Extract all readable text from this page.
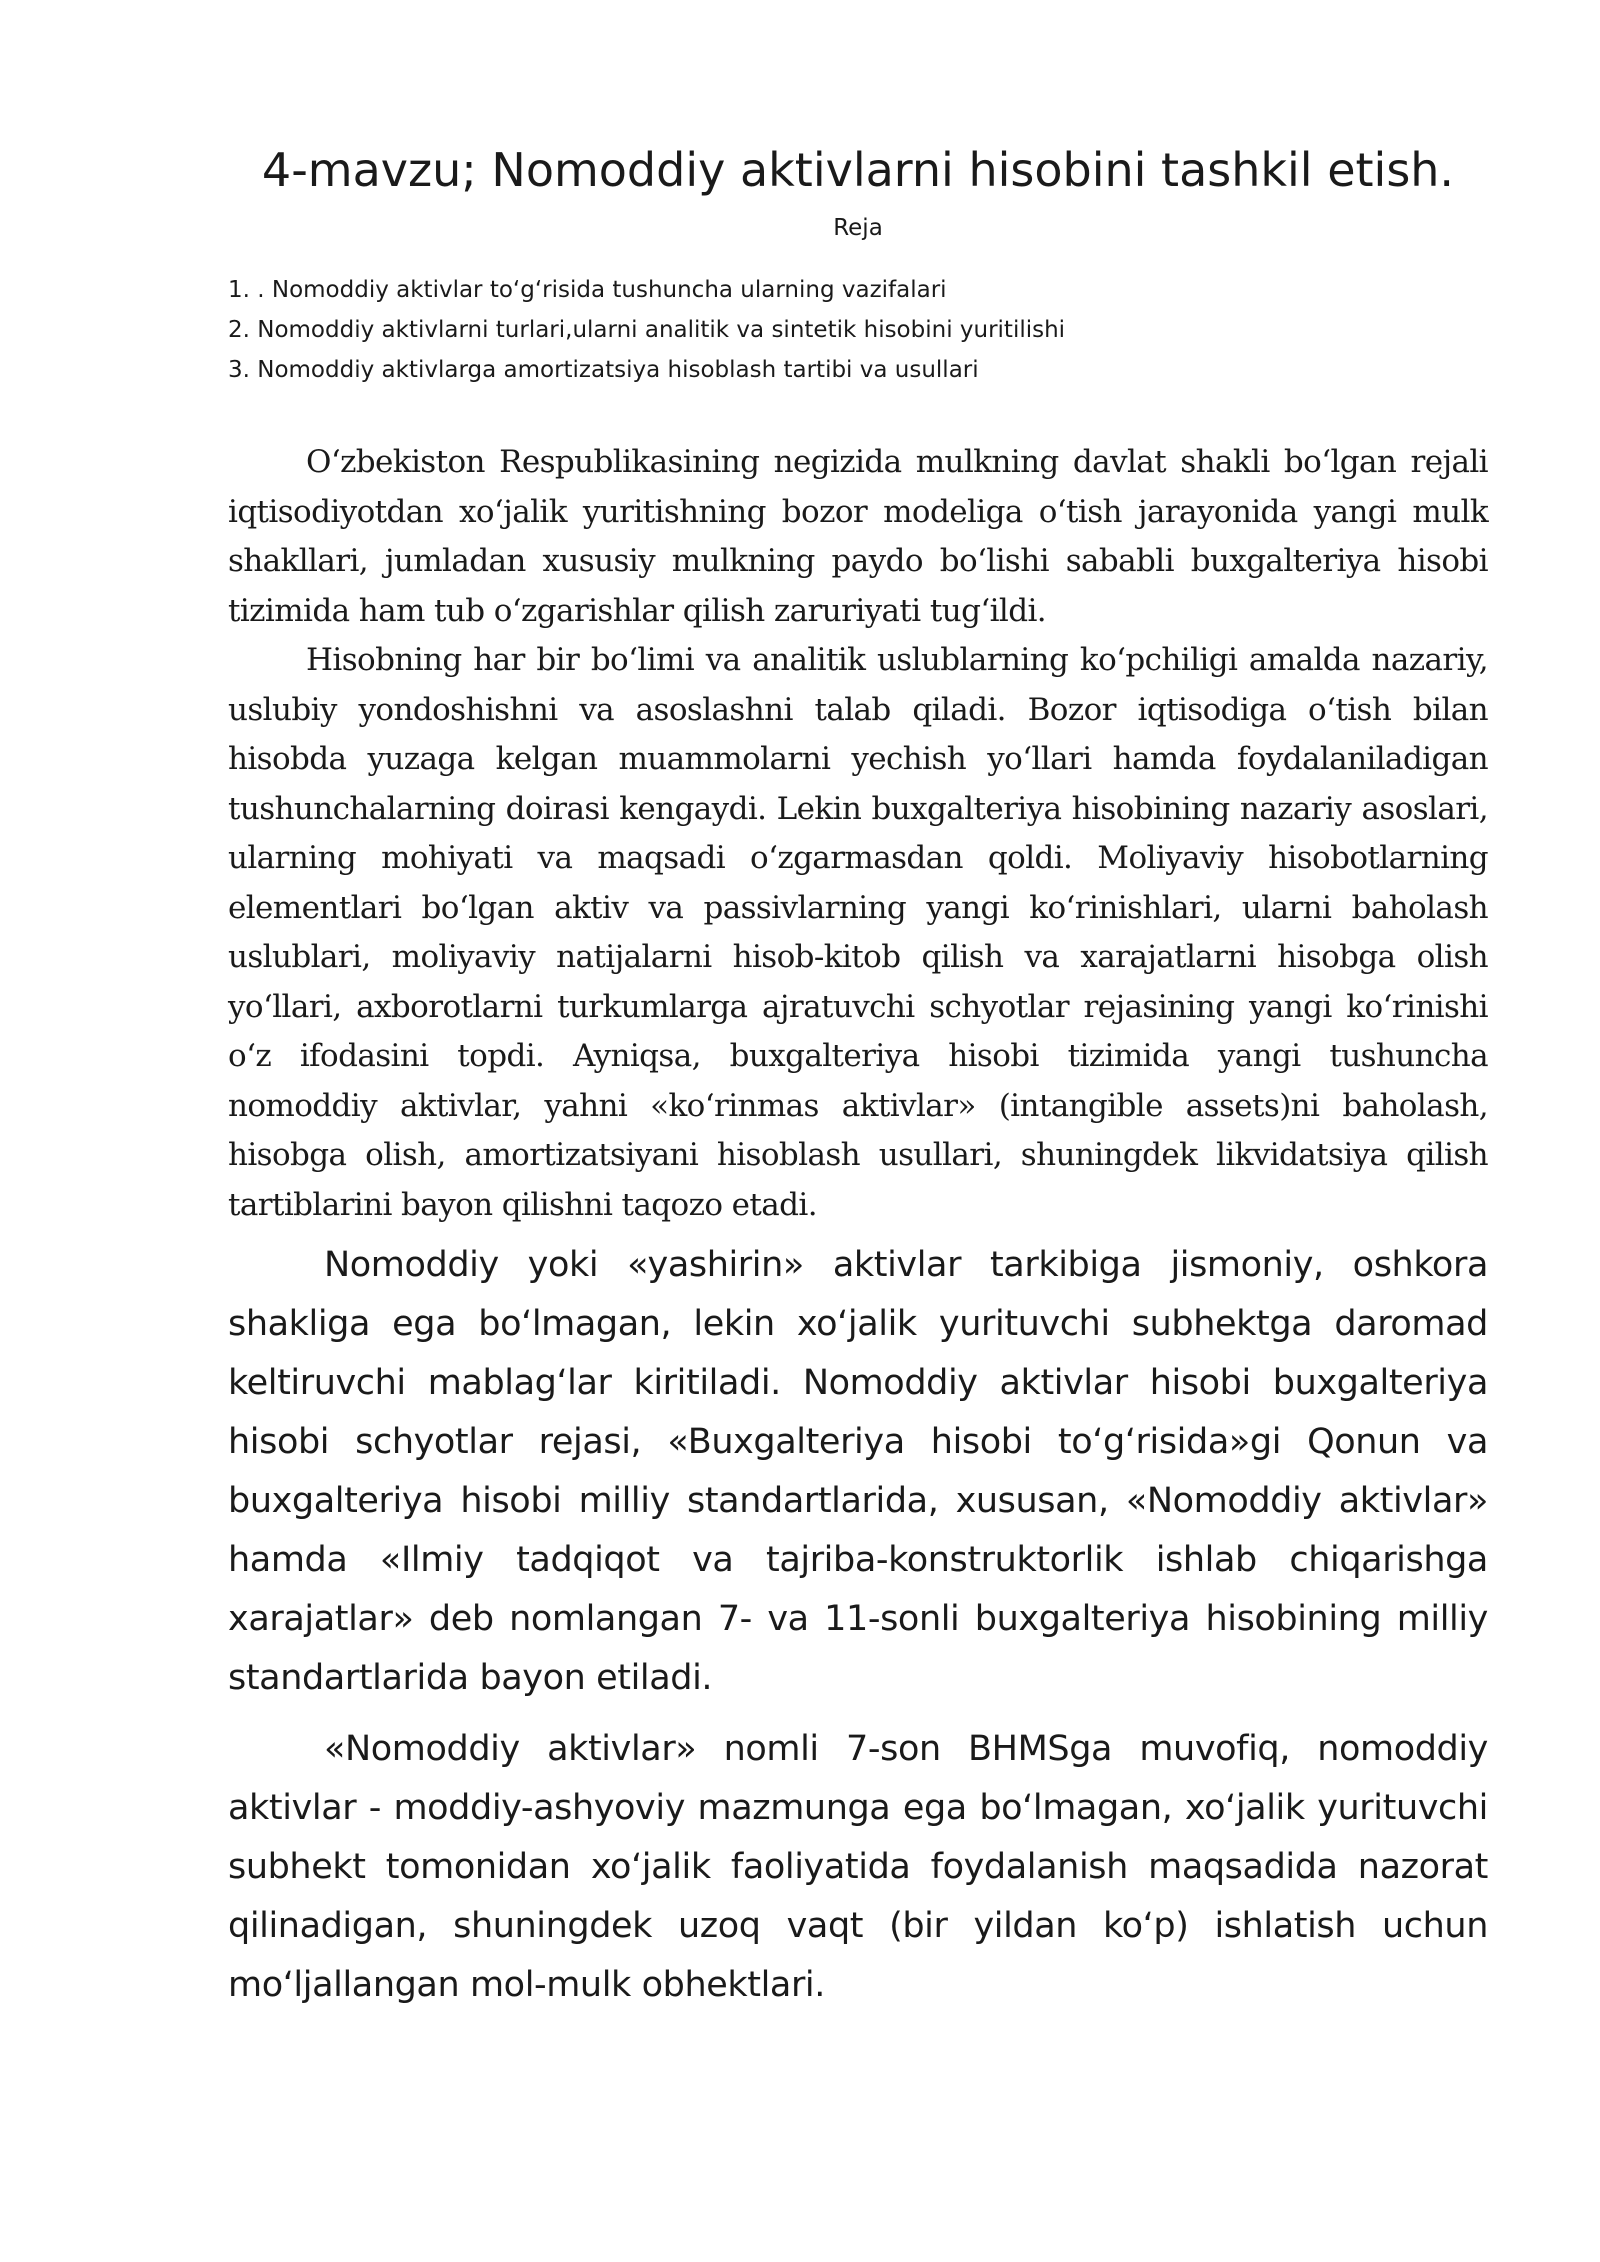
4-mavzu; Nomoddiy aktivlarni hisobini tashkil etish.
Reja
1. . Nomoddiy aktivlar to‘g‘risida tushuncha ularning vazifalari
2. Nomoddiy aktivlarni turlari,ularni analitik va sintetik hisobini yuritilishi
3. Nomoddiy aktivlarga amortizatsiya hisoblash tartibi va usullari

O‘zbekiston Respublikasining negizida mulkning davlat shakli bo‘lgan rejali iqtisodiyotdan xo‘jalik yuritishning bozor modeliga o‘tish jarayonida yangi mulk shakllari, jumladan xususiy mulkning paydo bo‘lishi sababli buxgalteriya hisobi tizimida ham tub o‘zgarishlar qilish zaruriyati tug‘ildi.

Hisobning har bir bo‘limi va analitik uslublarning ko‘pchiligi amalda nazariy, uslubiy yondoshishni va asoslashni talab qiladi. Bozor iqtisodiga o‘tish bilan hisobda yuzaga kelgan muammolarni yechish yo‘llari hamda foydalaniladigan tushunchalarning doirasi kengaydi. Lekin buxgalteriya hisobining nazariy asoslari, ularning mohiyati va maqsadi o‘zgarmasdan qoldi. Moliyaviy hisobotlarning elementlari bo‘lgan aktiv va passivlarning yangi ko‘rinishlari, ularni baholash uslublari, moliyaviy natijalarni hisob-kitob qilish va xarajatlarni hisobga olish yo‘llari, axborotlarni turkumlarga ajratuvchi schyotlar rejasining yangi ko‘rinishi o‘z ifodasini topdi. Ayniqsa, buxgalteriya hisobi tizimida yangi tushuncha nomoddiy aktivlar, yahni «ko‘rinmas aktivlar» (intangible assets)ni baholash, hisobga olish, amortizatsiyani hisoblash usullari, shuningdek likvidatsiya qilish tartiblarini bayon qilishni taqozo etadi.

Nomoddiy yoki «yashirin» aktivlar tarkibiga jismoniy, oshkora shakliga ega bo‘lmagan, lekin xo‘jalik yurituvchi subhektga daromad keltiruvchi mablag‘lar kiritiladi. Nomoddiy aktivlar hisobi buxgalteriya hisobi schyotlar rejasi, «Buxgalteriya hisobi to‘g‘risida»gi Qonun va buxgalteriya hisobi milliy standartlarida, xususan, «Nomoddiy aktivlar» hamda «Ilmiy tadqiqot va tajriba-konstruktorlik ishlab chiqarishga xarajatlar» deb nomlangan 7- va 11-sonli buxgalteriya hisobining milliy standartlarida bayon etiladi.

«Nomoddiy aktivlar» nomli 7-son BHMSga muvofiq, nomoddiy aktivlar - moddiy-ashyoviy mazmunga ega bo‘lmagan, xo‘jalik yurituvchi subhekt tomonidan xo‘jalik faoliyatida foydalanish maqsadida nazorat qilinadigan, shuningdek uzoq vaqt (bir yildan ko‘p) ishlatish uchun mo‘ljallangan mol-mulk obhektlari.
